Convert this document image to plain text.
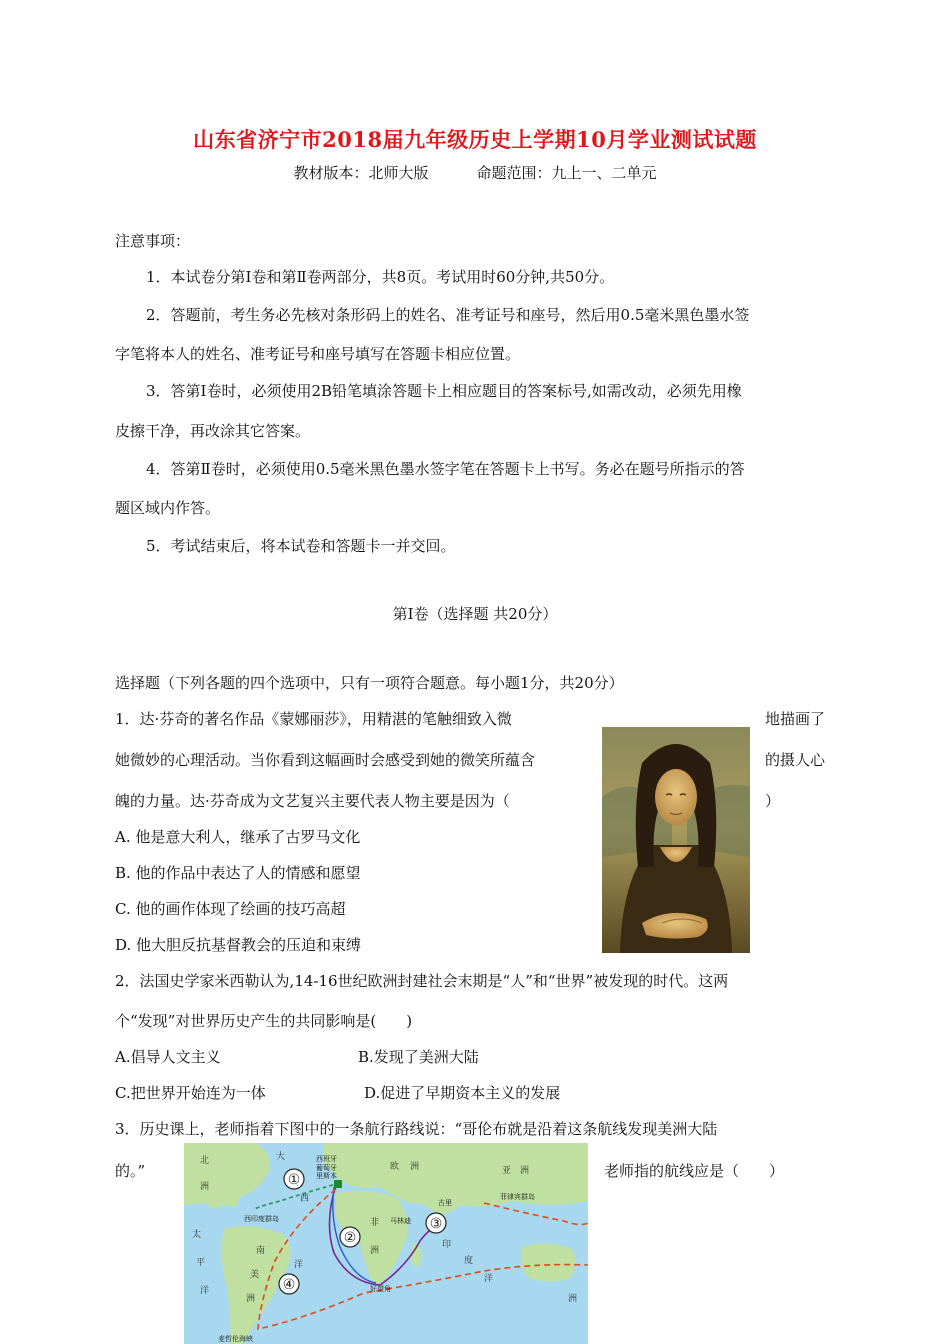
山东省济宁市2018届九年级历史上学期10月学业测试试题
教材版本：北师大版	命题范围：九上一、二单元
注意事项：
1．本试卷分第Ⅰ卷和第Ⅱ卷两部分，共8页。考试用时60分钟,共50分。
2．答题前，考生务必先核对条形码上的姓名、准考证号和座号，然后用0.5毫米黑色墨水签
字笔将本人的姓名、准考证号和座号填写在答题卡相应位置。
3．答第Ⅰ卷时，必须使用2B铅笔填涂答题卡上相应题目的答案标号,如需改动，必须先用橡
皮擦干净，再改涂其它答案。
4．答第Ⅱ卷时，必须使用0.5毫米黑色墨水签字笔在答题卡上书写。务必在题号所指示的答
题区域内作答。
5．考试结束后，将本试卷和答题卡一并交回。
第Ⅰ卷（选择题 共20分）
选择题（下列各题的四个选项中，只有一项符合题意。每小题1分，共20分）
1．达·芬奇的著名作品《蒙娜丽莎》，用精湛的笔触细致入微	地描画了
她微妙的心理活动。当你看到这幅画时会感受到她的微笑所蕴含	的摄人心
魄的力量。达·芬奇成为文艺复兴主要代表人物主要是因为（	）
A. 他是意大利人，继承了古罗马文化
B. 他的作品中表达了人的情感和愿望
C. 他的画作体现了绘画的技巧高超
D. 他大胆反抗基督教会的压迫和束缚
2．法国史学家米西勒认为,14-16世纪欧洲封建社会末期是“人”和“世界”被发现的时代。这两
个“发现”对世界历史产生的共同影响是(　　)
A.倡导人文主义	B.发现了美洲大陆
C.把世界开始连为一体	D.促进了早期资本主义的发展
3．历史课上，老师指着下图中的一条航行路线说：“哥伦布就是沿着这条航线发现美洲大陆
的。”	老师指的航线应是（　　）
①
②
③
④
西班牙
葡萄牙
里斯本
古里
马林迪
好望角
麦哲伦海峡
菲律宾群岛
西印度群岛
北
洲
大
西
洋
欧 洲	亚 洲
非
洲
南
美
洲
印
度
洋
太
平
洋
洲
